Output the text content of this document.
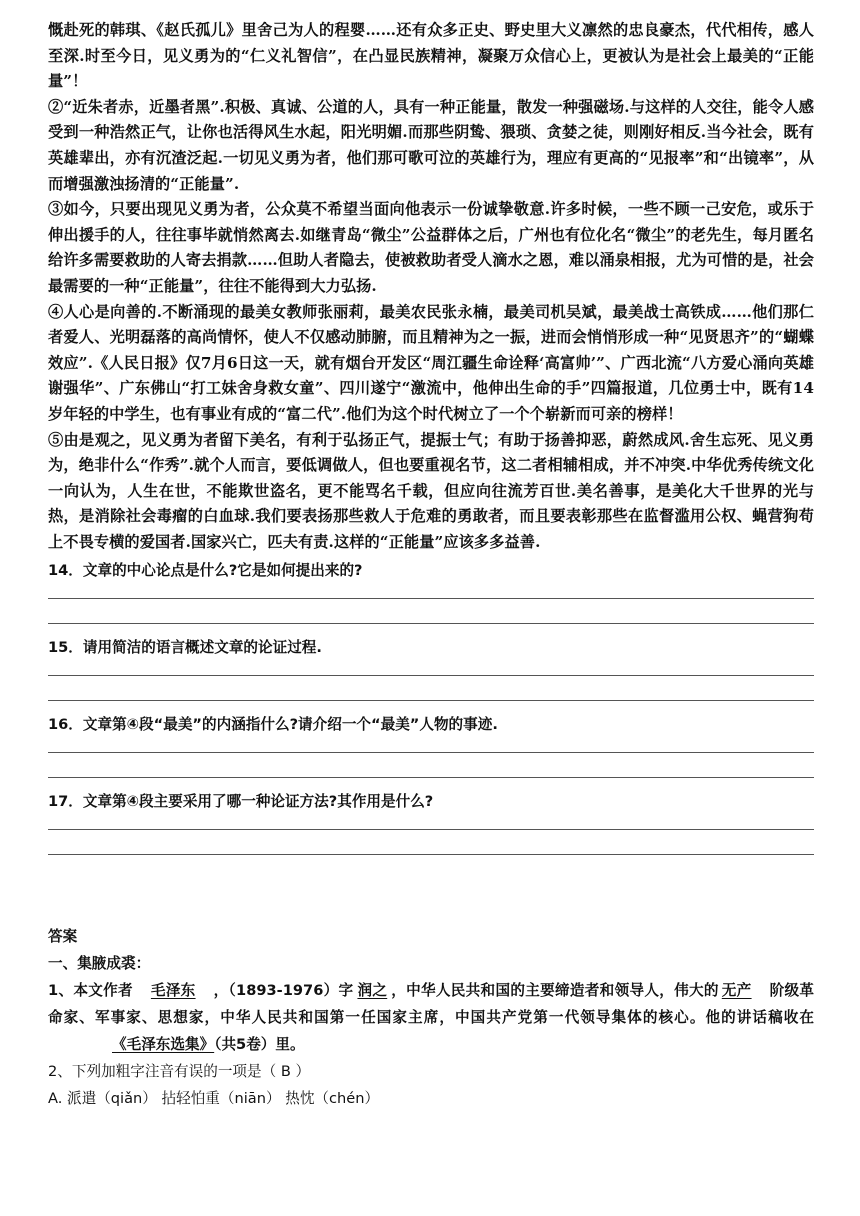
慨赴死的韩琪、《赵氏孤儿》里舍己为人的程婴……还有众多正史、野史里大义凛然的忠良豪杰，代代相传，感人至深.时至今日，见义勇为的“仁义礼智信”，在凸显民族精神，凝聚万众信心上，更被认为是社会上最美的“正能量”！

②“近朱者赤，近墨者黑”.积极、真诚、公道的人，具有一种正能量，散发一种强磁场.与这样的人交往，能令人感受到一种浩然正气，让你也活得风生水起，阳光明媚.而那些阴鸷、猥琐、贪婪之徒，则刚好相反.当今社会，既有英雄辈出，亦有沉渣泛起.一切见义勇为者，他们那可歌可泣的英雄行为，理应有更高的“见报率”和“出镜率”，从而增强激浊扬清的“正能量”.

③如今，只要出现见义勇为者，公众莫不希望当面向他表示一份诚挚敬意.许多时候，一些不顾一己安危，或乐于伸出援手的人，往往事毕就悄然离去.如继青岛“微尘”公益群体之后，广州也有位化名“微尘”的老先生，每月匿名给许多需要救助的人寄去捐款……但助人者隐去，使被救助者受人滴水之恩，难以涌泉相报，尤为可惜的是，社会最需要的一种“正能量”，往往不能得到大力弘扬.

④人心是向善的.不断涌现的最美女教师张丽莉，最美农民张永楠，最美司机吴斌，最美战士高铁成……他们那仁者爱人、光明磊落的高尚情怀，使人不仅感动肺腑，而且精神为之一振，进而会悄悄形成一种“见贤思齐”的“蝴蝶效应”.《人民日报》仅7月6日这一天，就有烟台开发区“周江疆生命诠释‘高富帅’”、广西北流“八方爱心涌向英雄谢强华”、广东佛山“打工妹舍身救女童”、四川遂宁“激流中，他伸出生命的手”四篇报道，几位勇士中，既有14岁年轻的中学生，也有事业有成的“富二代”.他们为这个时代树立了一个个崭新而可亲的榜样！

⑤由是观之，见义勇为者留下美名，有利于弘扬正气，提振士气；有助于扬善抑恶，蔚然成风.舍生忘死、见义勇为，绝非什么“作秀”.就个人而言，要低调做人，但也要重视名节，这二者相辅相成，并不冲突.中华优秀传统文化一向认为，人生在世，不能欺世盗名，更不能骂名千载，但应向往流芳百世.美名善事，是美化大千世界的光与热，是消除社会毒瘤的白血球.我们要表扬那些救人于危难的勇敢者，而且要表彰那些在监督滥用公权、蝇营狗苟上不畏专横的爱国者.国家兴亡，匹夫有责.这样的“正能量”应该多多益善.

14．文章的中心论点是什么?它是如何提出来的?

15．请用简洁的语言概述文章的论证过程.

16．文章第④段“最美”的内涵指什么?请介绍一个“最美”人物的事迹.

17．文章第④段主要采用了哪一种论证方法?其作用是什么?

答案

一、集腋成裘：

1、本文作者 毛泽东 ，（1893-1976）字 润之 ，中华人民共和国的主要缔造者和领导人，伟大的 无产 阶级革命家、军事家、思想家，中华人民共和国第一任国家主席，中国共产党第一代领导集体的核心。他的讲话稿收在《毛泽东选集》（共5卷）里。

2、下列加粗字注音有误的一项是（ B ）

A. 派遣（qiǎn） 拈轻怕重（niān） 热忱（chén）
